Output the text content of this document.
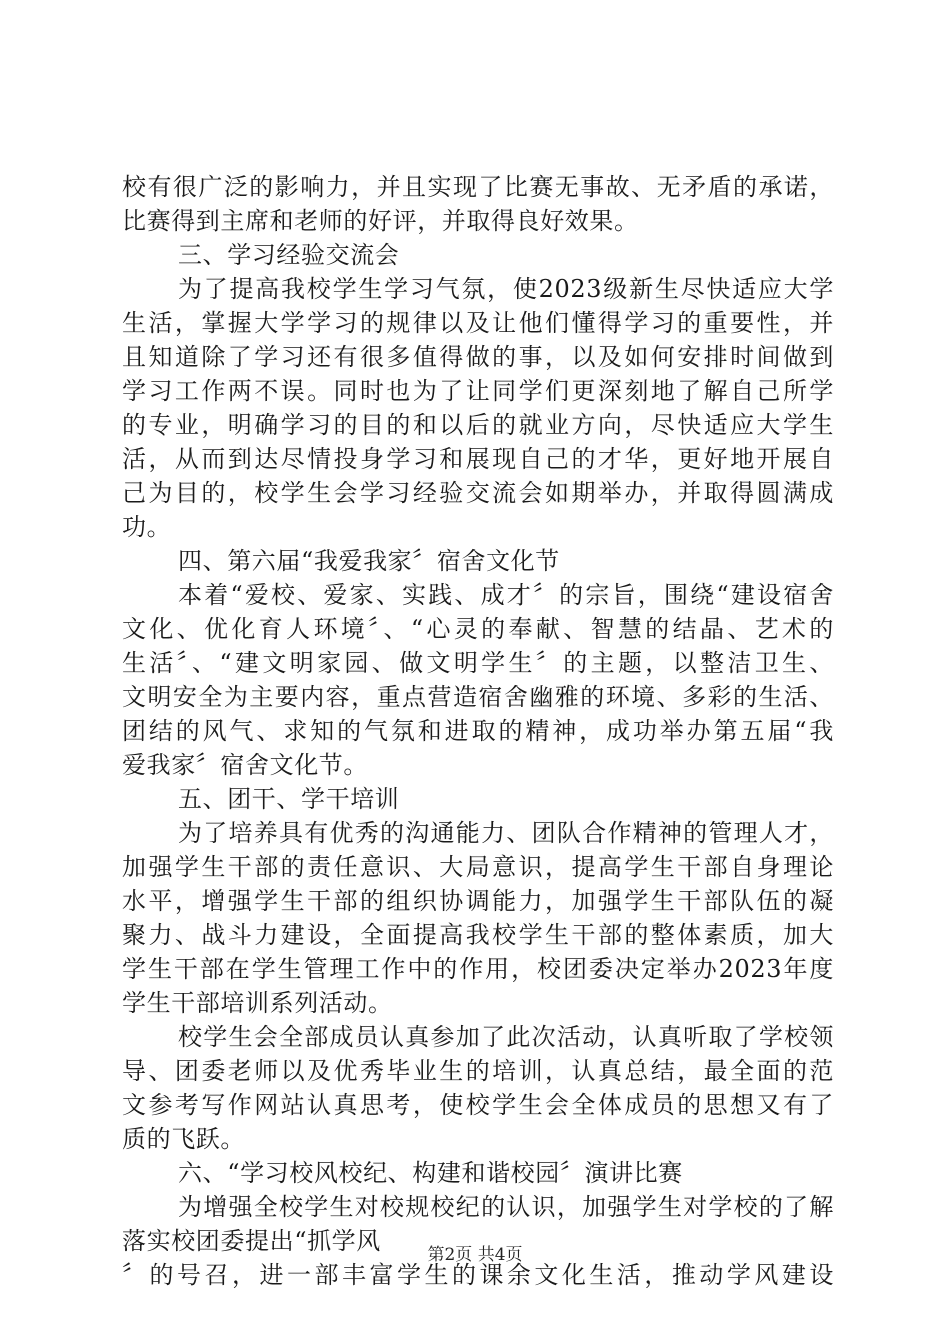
校有很广泛的影响力，并且实现了比赛无事故、无矛盾的承诺，
比赛得到主席和老师的好评，并取得良好效果。
三、学习经验交流会
为了提高我校学生学习气氛，使2023级新生尽快适应大学
生活，掌握大学学习的规律以及让他们懂得学习的重要性，并
且知道除了学习还有很多值得做的事，以及如何安排时间做到
学习工作两不误。同时也为了让同学们更深刻地了解自己所学
的专业，明确学习的目的和以后的就业方向，尽快适应大学生
活，从而到达尽情投身学习和展现自己的才华，更好地开展自
己为目的，校学生会学习经验交流会如期举办，并取得圆满成
功。
四、第六届“我爱我家〞宿舍文化节
本着“爱校、爱家、实践、成才〞的宗旨，围绕“建设宿舍
文化、优化育人环境〞、“心灵的奉献、智慧的结晶、艺术的
生活〞、“建文明家园、做文明学生〞的主题，以整洁卫生、
文明安全为主要内容，重点营造宿舍幽雅的环境、多彩的生活、
团结的风气、求知的气氛和进取的精神，成功举办第五届“我
爱我家〞宿舍文化节。
五、团干、学干培训
为了培养具有优秀的沟通能力、团队合作精神的管理人才，
加强学生干部的责任意识、大局意识，提高学生干部自身理论
水平，增强学生干部的组织协调能力，加强学生干部队伍的凝
聚力、战斗力建设，全面提高我校学生干部的整体素质，加大
学生干部在学生管理工作中的作用，校团委决定举办2023年度
学生干部培训系列活动。
校学生会全部成员认真参加了此次活动，认真听取了学校领
导、团委老师以及优秀毕业生的培训，认真总结，最全面的范
文参考写作网站认真思考，使校学生会全体成员的思想又有了
质的飞跃。
六、“学习校风校纪、构建和谐校园〞演讲比赛
为增强全校学生对校规校纪的认识，加强学生对学校的了解
落实校团委提出“抓学风
〞的号召，进一部丰富学生的课余文化生活，推动学风建设
第2页 共4页
